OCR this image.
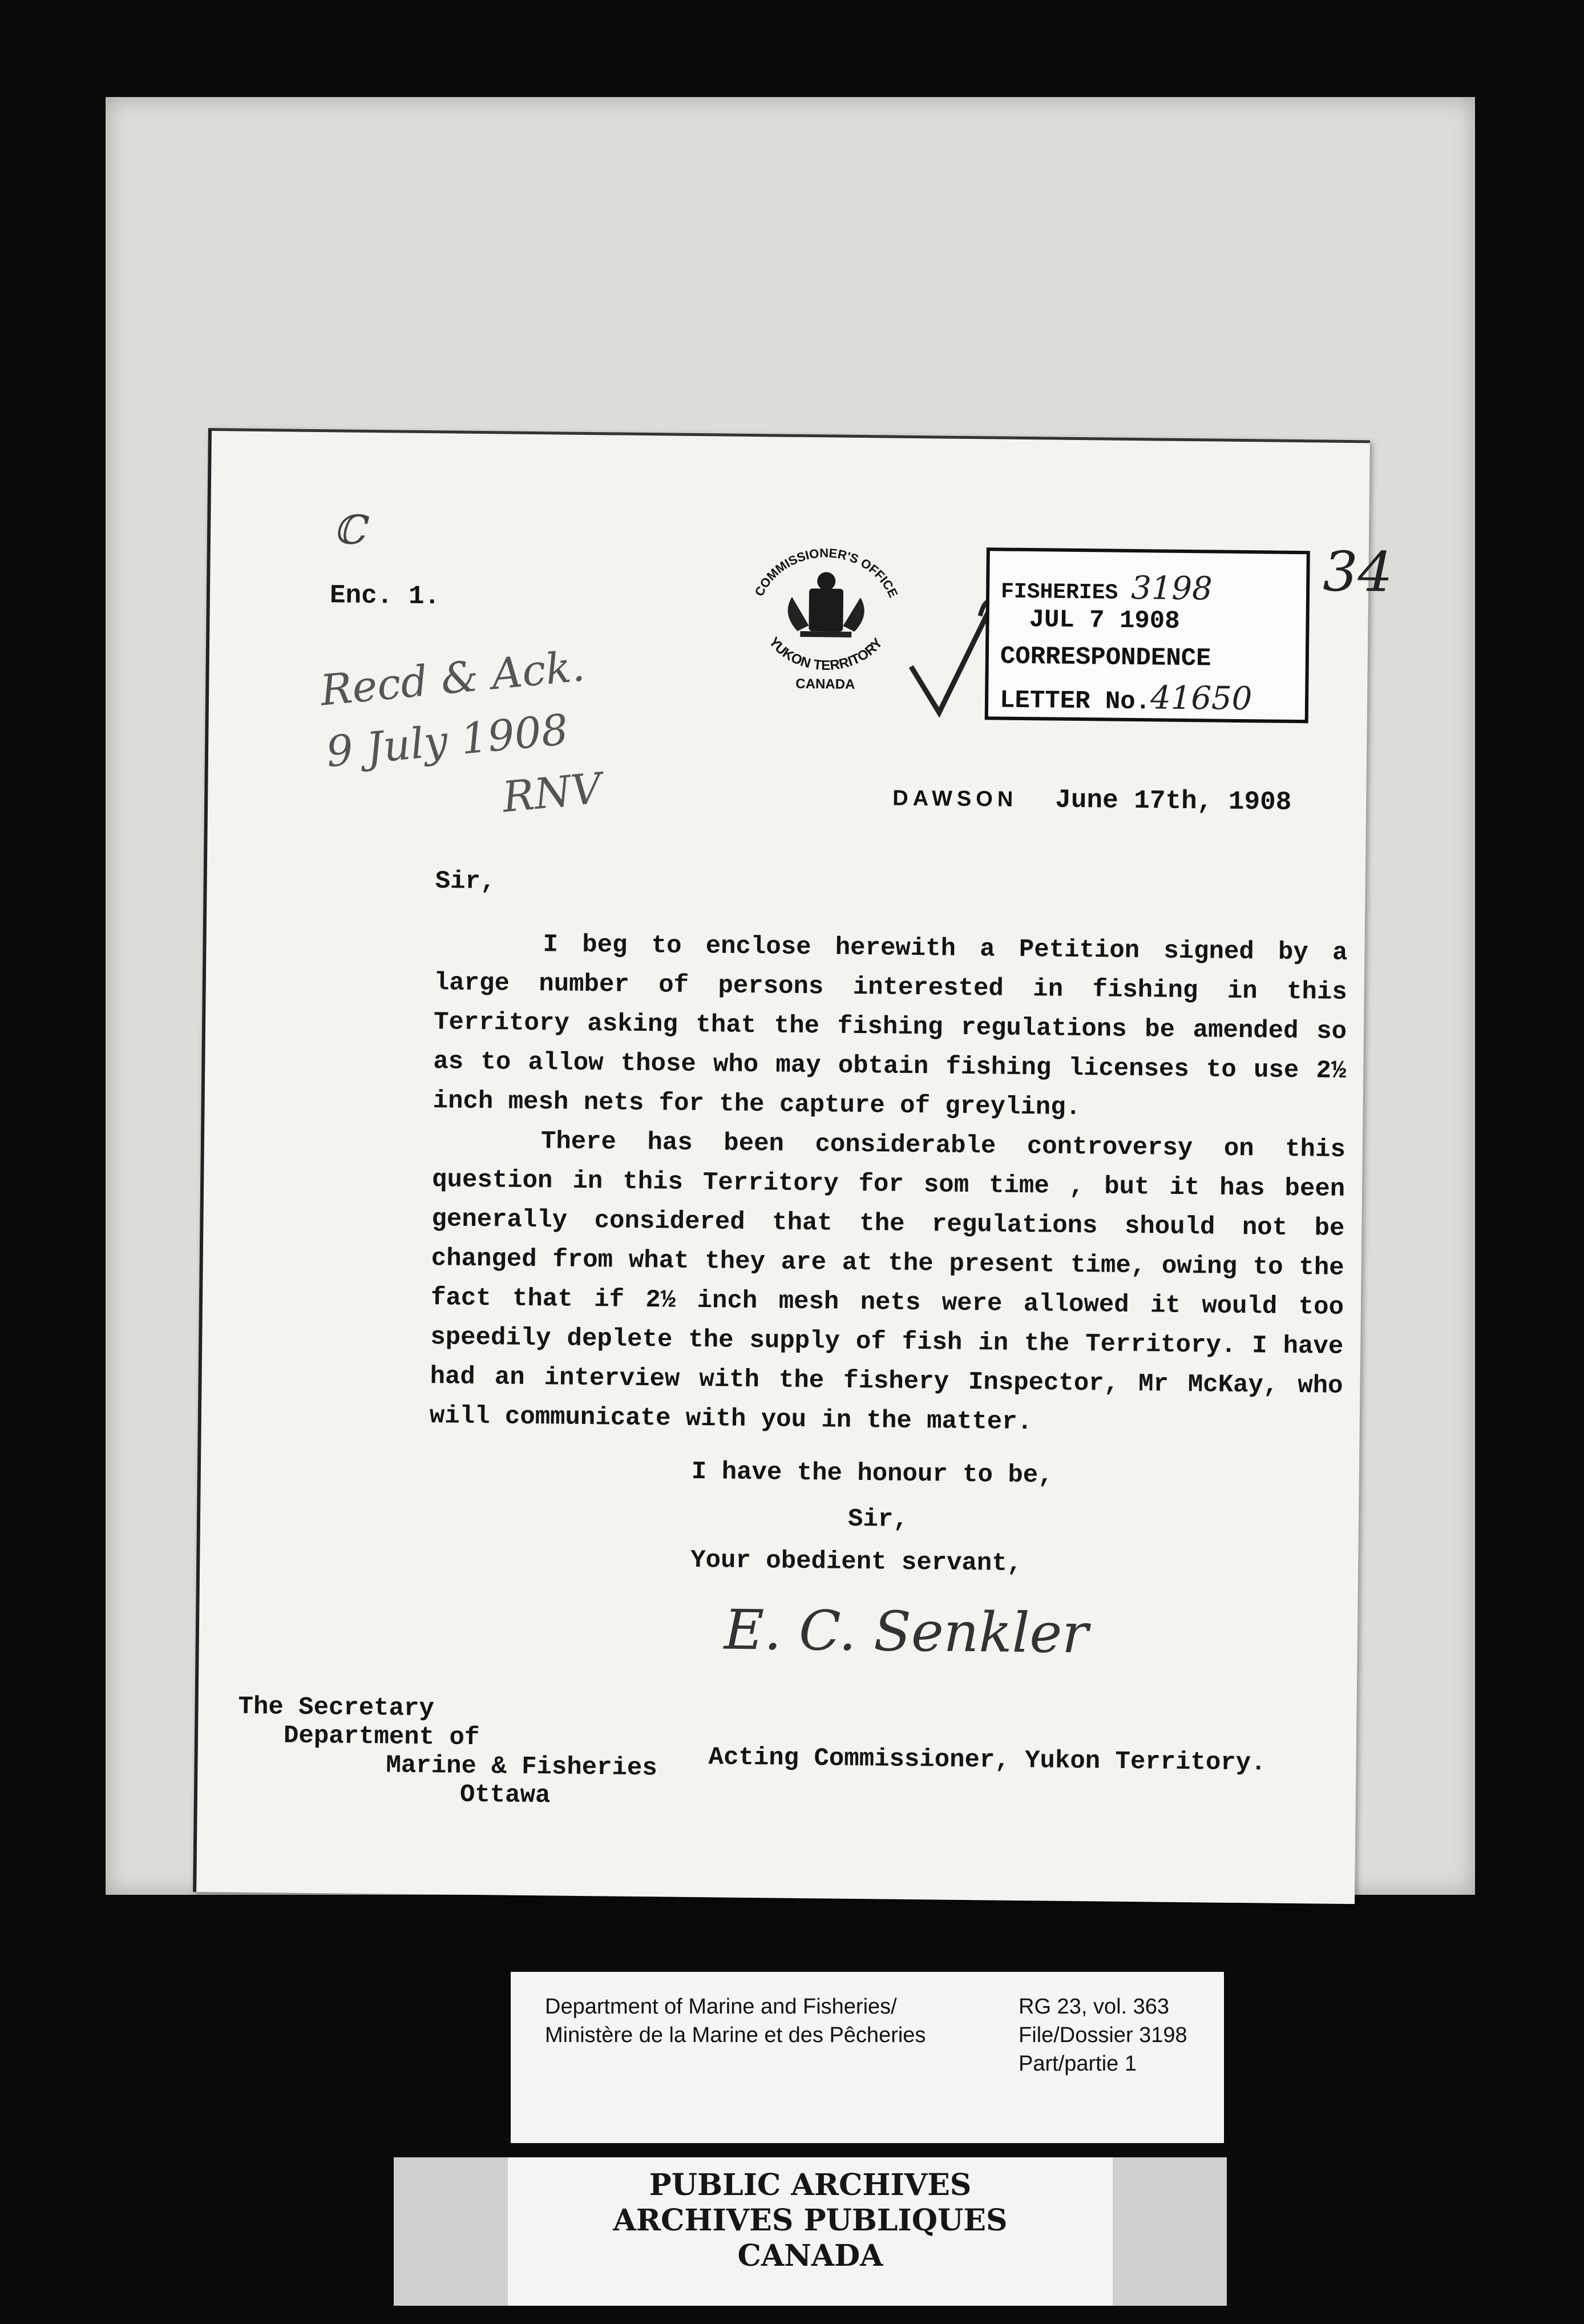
ℂ
Enc. 1.	COMMISSIONER'S OFFICE
YUKON TERRITORY
CANADA
FISHERIES 3198
JUL 7 1908
CORRESPONDENCE
LETTER No.41650
34
Recd & Ack.
9 July 1908
RNV	DAWSON June 17th, 1908
Sir,

I beg to enclose herewith a Petition signed by a large number of persons interested in fishing in this Territory asking that the fishing regulations be amended so as to allow those who may obtain fishing licenses to use 2½ inch mesh nets for the capture of greyling.

There has been considerable controversy on this question in this Territory for som time , but it has been generally considered that the regulations should not be changed from what they are at the present time, owing to the fact that if 2½ inch mesh nets were allowed it would too speedily deplete the supply of fish in the Territory. I have had an interview with the fishery Inspector, Mr McKay, who will communicate with you in the matter.

I have the honour to be,
Sir,
Your obedient servant,
E. C. Senkler
The Secretary
Department of
Marine & Fisheries
Ottawa
Acting Commissioner, Yukon Territory.
Department of Marine and Fisheries/
Ministère de la Marine et des Pêcheries
RG 23, vol. 363
File/Dossier 3198
Part/partie 1
PUBLIC ARCHIVES
ARCHIVES PUBLIQUES
CANADA
